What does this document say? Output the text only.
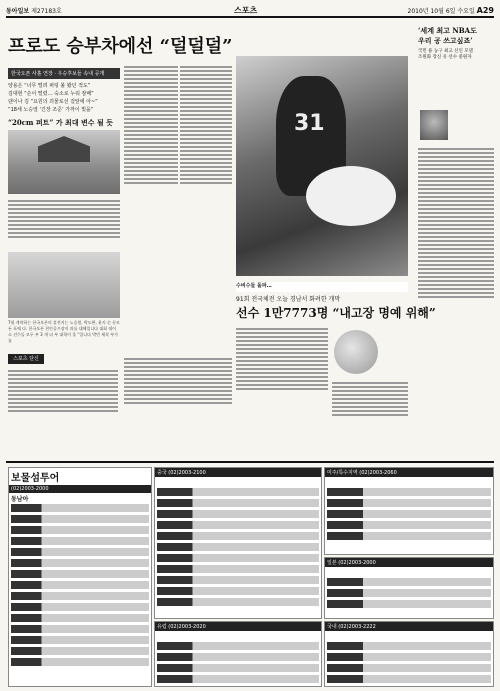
동아일보 제27183호	스포츠	2010년 10월 6일 수요일 A29
프로도 승부차에선 “덜덜덜”
한국오픈 사흘 연장 · 우승후보들 속내 공개
양용은 “너무 떨려 퍼팅 볼 봤던 적도”
김대현 “손이 떨렸… 숙소로 누워 잠배”
댄이나 김 “요원의 괴물로선 걸앞에 아~”
“18세 노승열 ‘긴장 조준’ 가까이 빛을”
“20cm 퍼트” 가 최대 변수 될 듯
7월 개막하는 한국오픈의 휴전지는 노승열, 박도완, 윤지 순 등모든 포에 다. 한국오픈 천안골프장이 과를 대해입니다 대회 데이 소 선수들 모두 부 3 개 더 부 대학이 올 “입니다 박빈 제작 부가를
31
수비수들 돌파…
91회 전국체전 오늘 경남서 화려한 개막
선수 1만7773명 “내고장 명예 위해”
‘세계 최고 NBA도
우리 공 쓰고싶죠’
국민 용 농구 최고 신인 모델
조원화 장신 유 선수 중원자
스포츠 단신
보물섬투어
(02)2003-2000
동남아
중국 (02)2003-2100	미주/특수지역 (02)2003-2060
일본 (02)2003-2000
유럽 (02)2003-2020	국내 (02)2003-2222
